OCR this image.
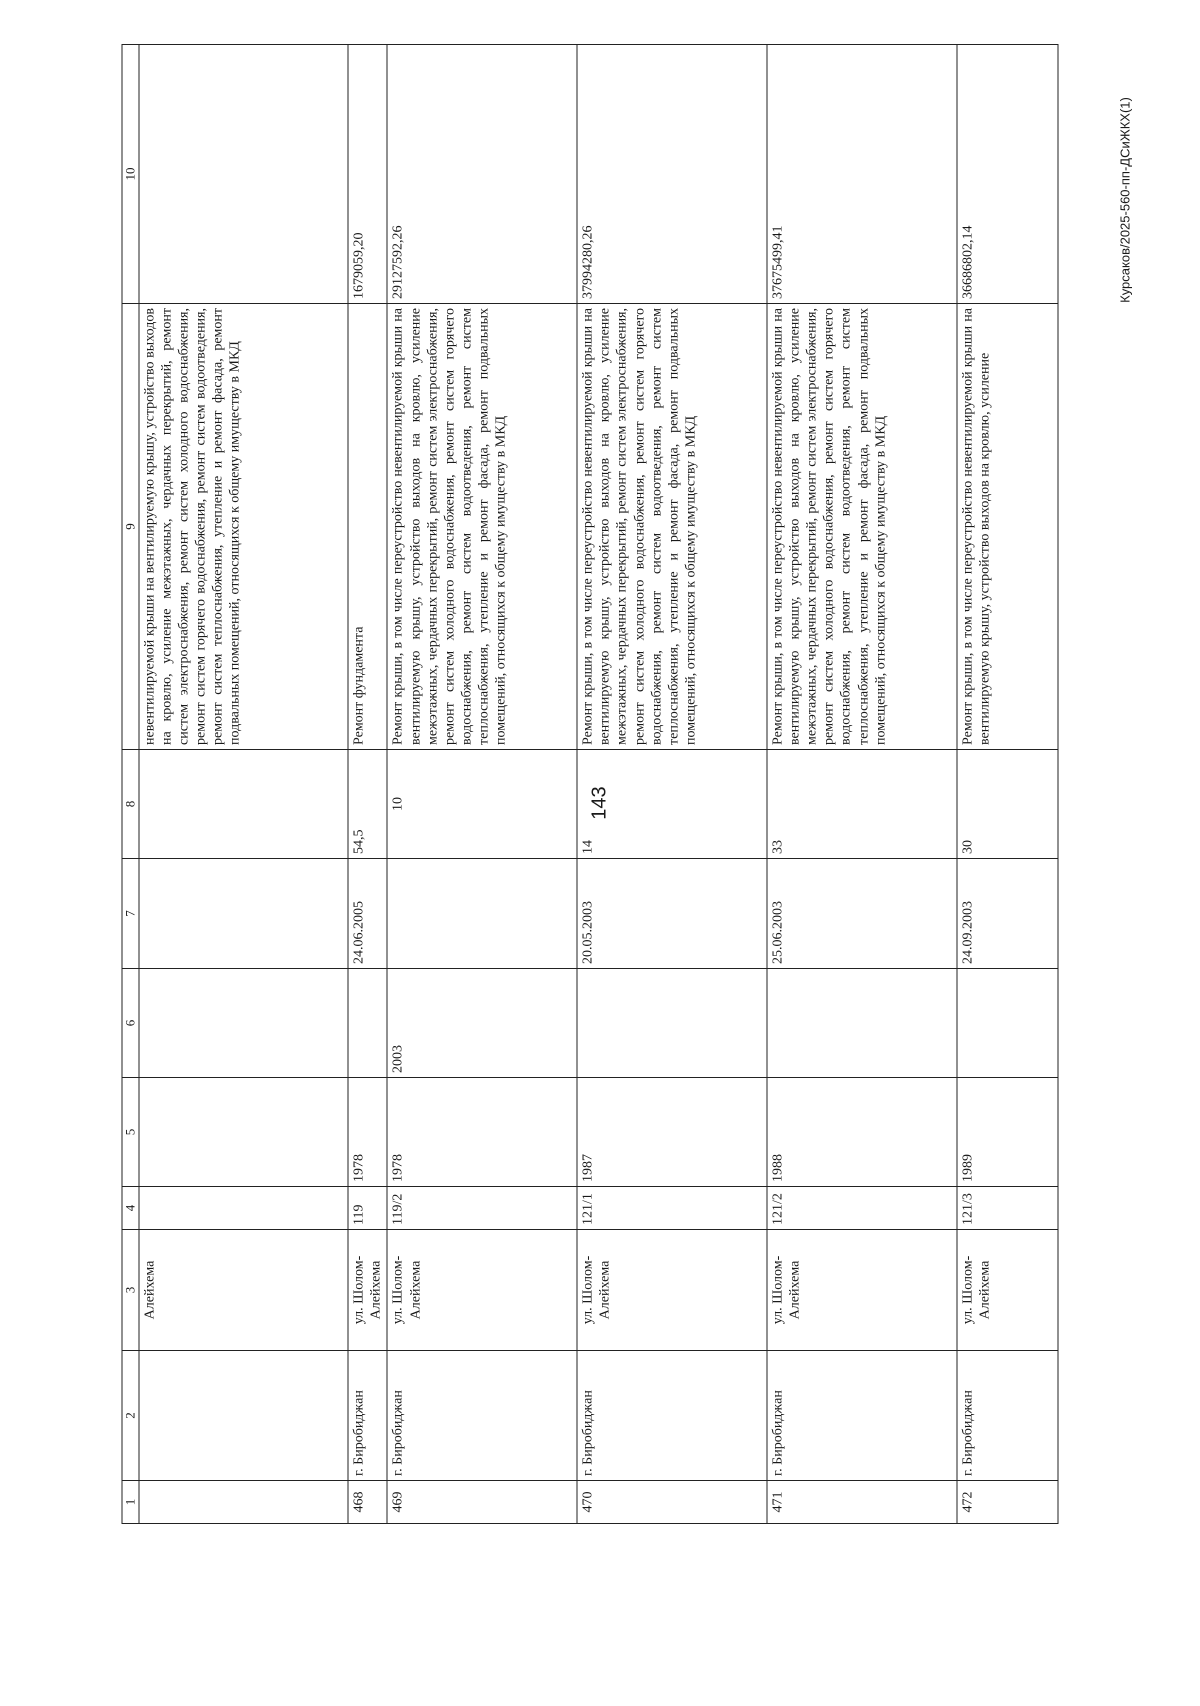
143
Курсаков/2025-560-пп-ДСиЖКХ(1)
1	2	3	4	5	6	7	8	9	10
		Алейхема						невентилируемой крыши на вентилируемую крышу, устройство выходов на кровлю, усиление межэтажных, чердачных перекрытий, ремонт систем электроснабжения, ремонт систем холодного водоснабжения, ремонт систем горячего водоснабжения, ремонт систем водоотведения, ремонт систем теплоснабжения, утепление и ремонт фасада, ремонт подвальных помещений, относящихся к общему имуществу в МКД	
468	г. Биробиджан	ул. Шолом-Алейхема	119	1978		24.06.2005	54,5	Ремонт фундамента	1679059,20
469	г. Биробиджан	ул. Шолом-Алейхема	119/2	1978	2003		10	Ремонт крыши, в том числе переустройство невентилируемой крыши на вентилируемую крышу, устройство выходов на кровлю, усиление межэтажных, чердачных перекрытий, ремонт систем электроснабжения, ремонт систем холодного водоснабжения, ремонт систем горячего водоснабжения, ремонт систем водоотведения, ремонт систем теплоснабжения, утепление и ремонт фасада, ремонт подвальных помещений, относящихся к общему имуществу в МКД	29127592,26
470	г. Биробиджан	ул. Шолом-Алейхема	121/1	1987		20.05.2003	14	Ремонт крыши, в том числе переустройство невентилируемой крыши на вентилируемую крышу, устройство выходов на кровлю, усиление межэтажных, чердачных перекрытий, ремонт систем электроснабжения, ремонт систем холодного водоснабжения, ремонт систем горячего водоснабжения, ремонт систем водоотведения, ремонт систем теплоснабжения, утепление и ремонт фасада, ремонт подвальных помещений, относящихся к общему имуществу в МКД	37994280,26
471	г. Биробиджан	ул. Шолом-Алейхема	121/2	1988		25.06.2003	33	Ремонт крыши, в том числе переустройство невентилируемой крыши на вентилируемую крышу, устройство выходов на кровлю, усиление межэтажных, чердачных перекрытий, ремонт систем электроснабжения, ремонт систем холодного водоснабжения, ремонт систем горячего водоснабжения, ремонт систем водоотведения, ремонт систем теплоснабжения, утепление и ремонт фасада, ремонт подвальных помещений, относящихся к общему имуществу в МКД	37675499,41
472	г. Биробиджан	ул. Шолом-Алейхема	121/3	1989		24.09.2003	30	Ремонт крыши, в том числе переустройство невентилируемой крыши на вентилируемую крышу, устройство выходов на кровлю, усиление	36686802,14
